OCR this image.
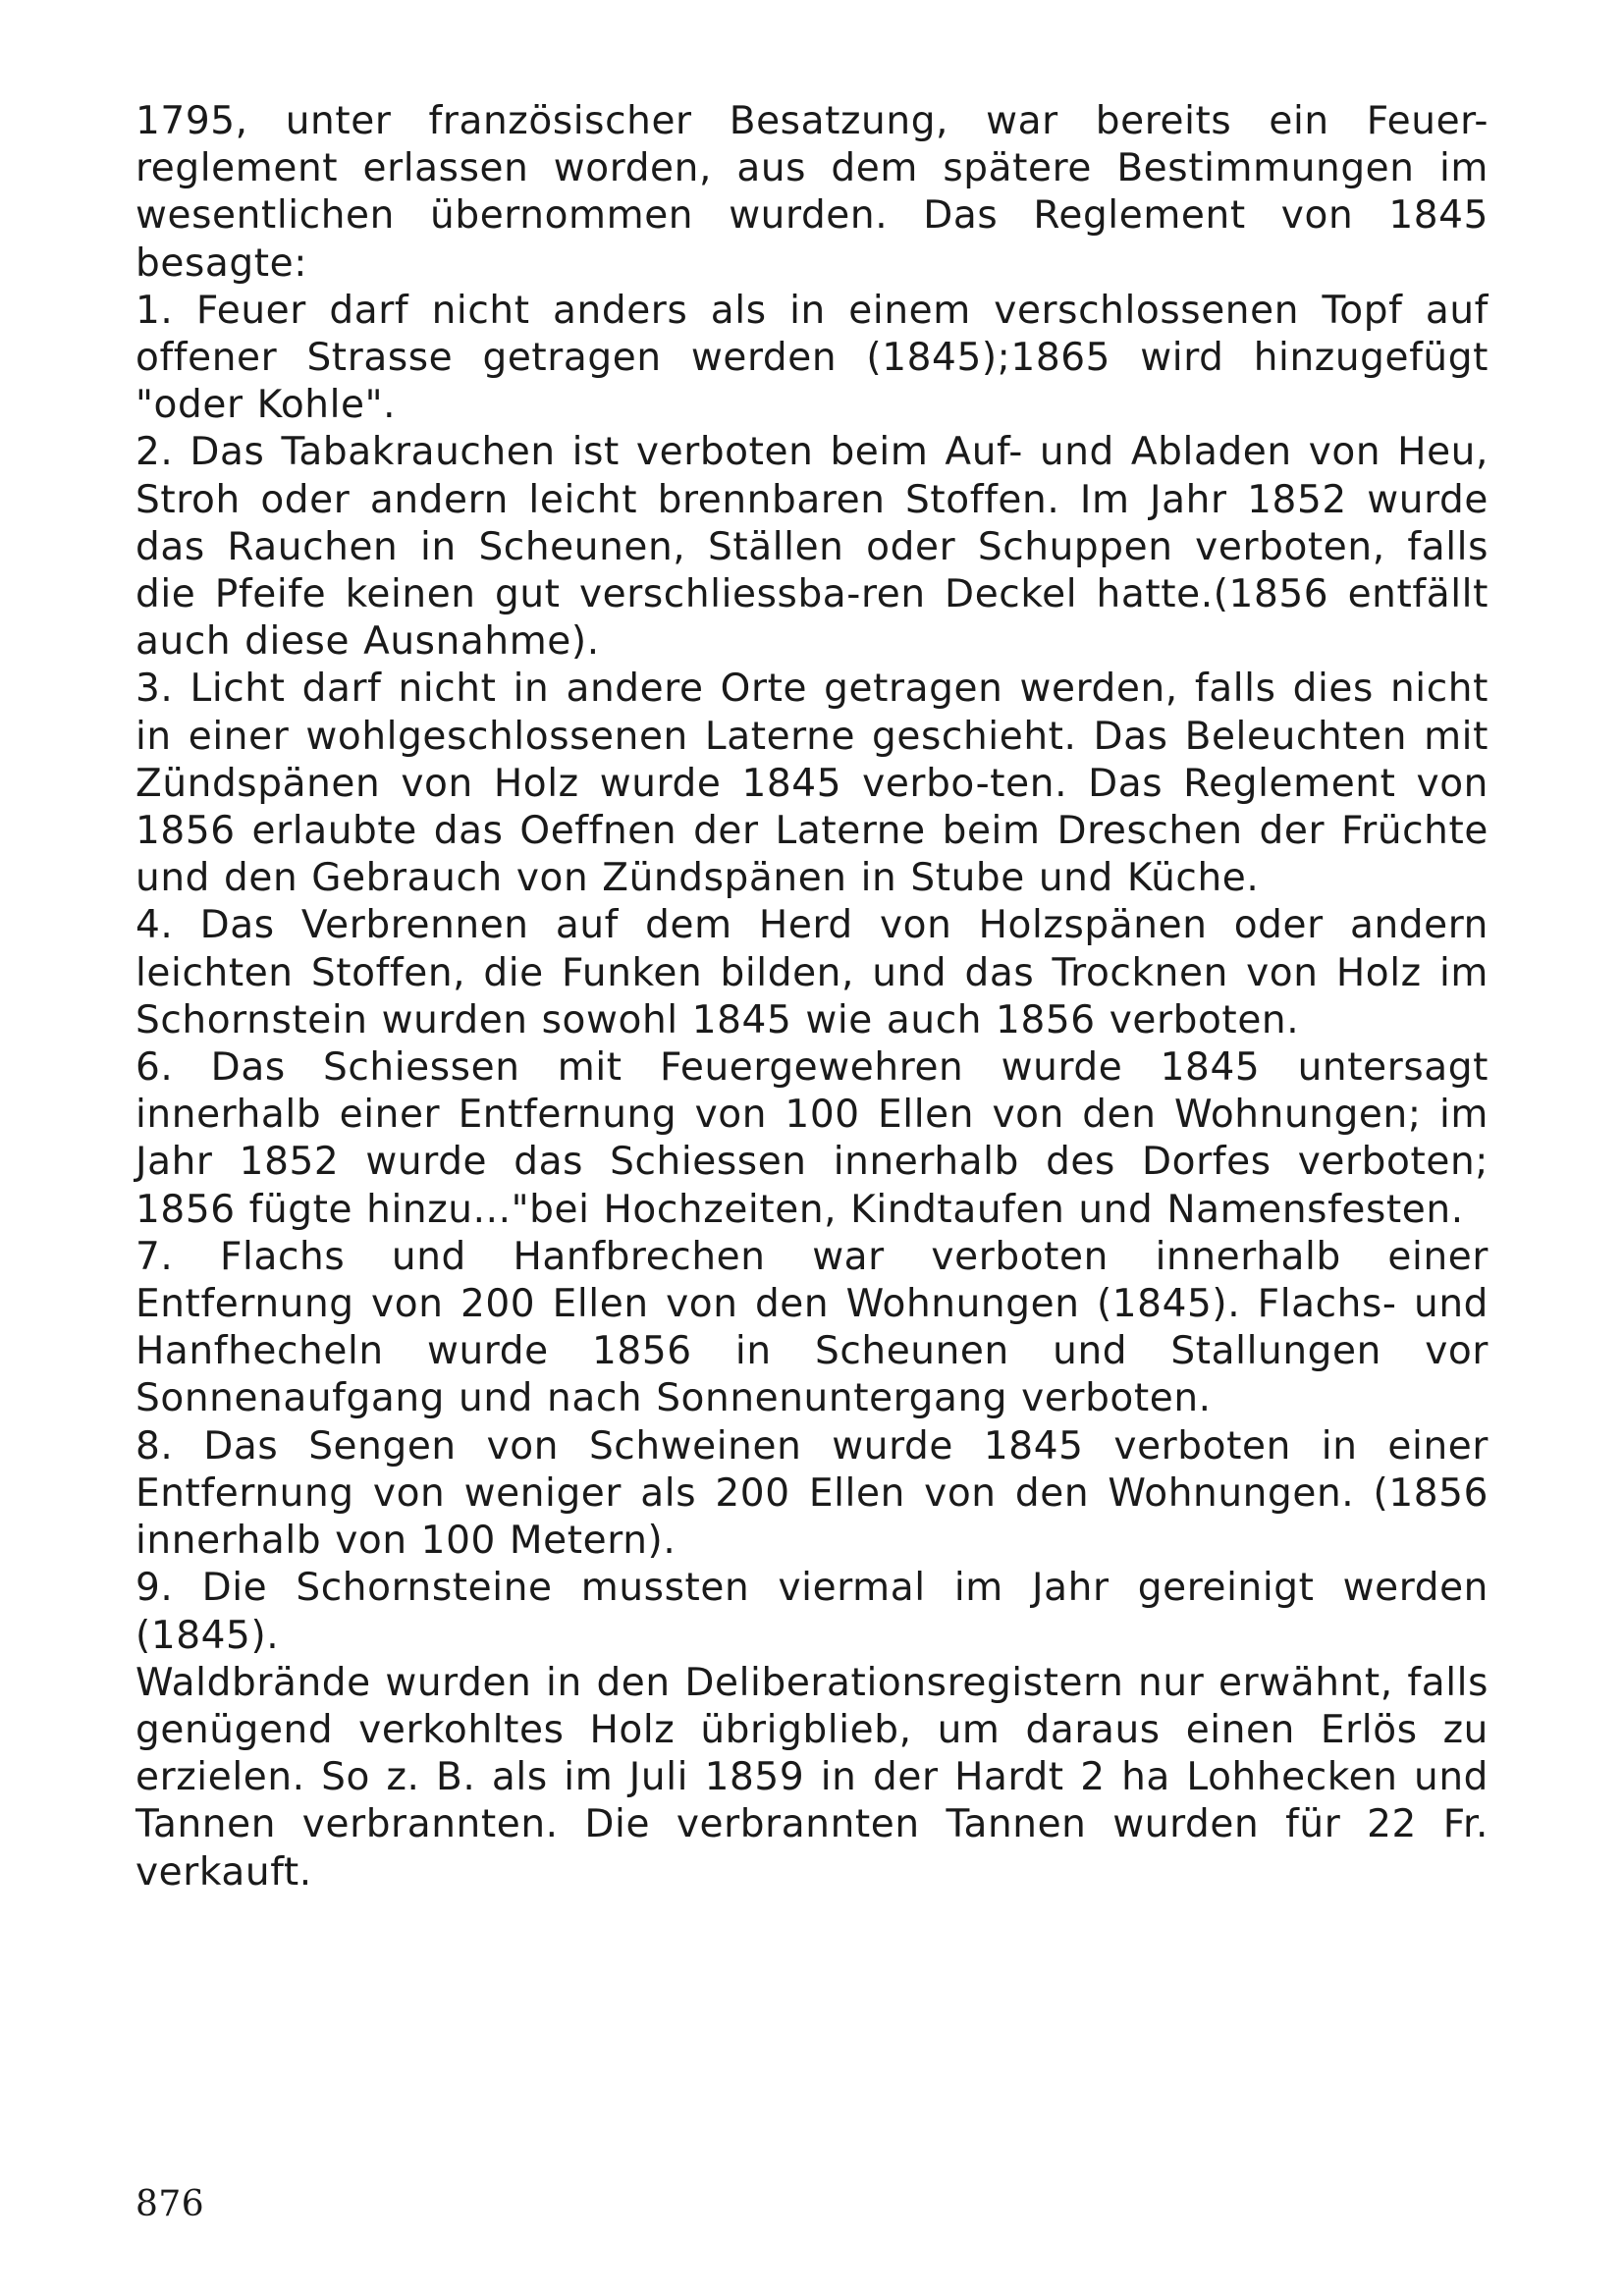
1795, unter französischer Besatzung, war bereits ein Feuer-reglement erlassen worden, aus dem spätere Bestimmungen im wesentlichen übernommen wurden. Das Reglement von 1845 besagte:

1. Feuer darf nicht anders als in einem verschlossenen Topf auf offener Strasse getragen werden (1845);1865 wird hinzugefügt "oder Kohle".

2. Das Tabakrauchen ist verboten beim Auf- und Abladen von Heu, Stroh oder andern leicht brennbaren Stoffen. Im Jahr 1852 wurde das Rauchen in Scheunen, Ställen oder Schuppen verboten, falls die Pfeife keinen gut verschliessba-ren Deckel hatte.(1856 entfällt auch diese Ausnahme).

3. Licht darf nicht in andere Orte getragen werden, falls dies nicht in einer wohlgeschlossenen Laterne geschieht. Das Beleuchten mit Zündspänen von Holz wurde 1845 verbo-ten. Das Reglement von 1856 erlaubte das Oeffnen der Laterne beim Dreschen der Früchte und den Gebrauch von Zündspänen in Stube und Küche.

4. Das Verbrennen auf dem Herd von Holzspänen oder andern leichten Stoffen, die Funken bilden, und das Trocknen von Holz im Schornstein wurden sowohl 1845 wie auch 1856 verboten.

6. Das Schiessen mit Feuergewehren wurde 1845 untersagt innerhalb einer Entfernung von 100 Ellen von den Wohnungen; im Jahr 1852 wurde das Schiessen innerhalb des Dorfes verboten; 1856 fügte hinzu..."bei Hochzeiten, Kindtaufen und Namensfesten.

7. Flachs und Hanfbrechen war verboten innerhalb einer Entfernung von 200 Ellen von den Wohnungen (1845). Flachs- und Hanfhecheln wurde 1856 in Scheunen und Stallungen vor Sonnenaufgang und nach Sonnenuntergang verboten.

8. Das Sengen von Schweinen wurde 1845 verboten in einer Entfernung von weniger als 200 Ellen von den Wohnungen. (1856 innerhalb von 100 Metern).

9. Die Schornsteine mussten viermal im Jahr gereinigt werden (1845).

Waldbrände wurden in den Deliberationsregistern nur erwähnt, falls genügend verkohltes Holz übrigblieb, um daraus einen Erlös zu erzielen. So z. B. als im Juli 1859 in der Hardt 2 ha Lohhecken und Tannen verbrannten. Die verbrannten Tannen wurden für 22 Fr. verkauft.

876
